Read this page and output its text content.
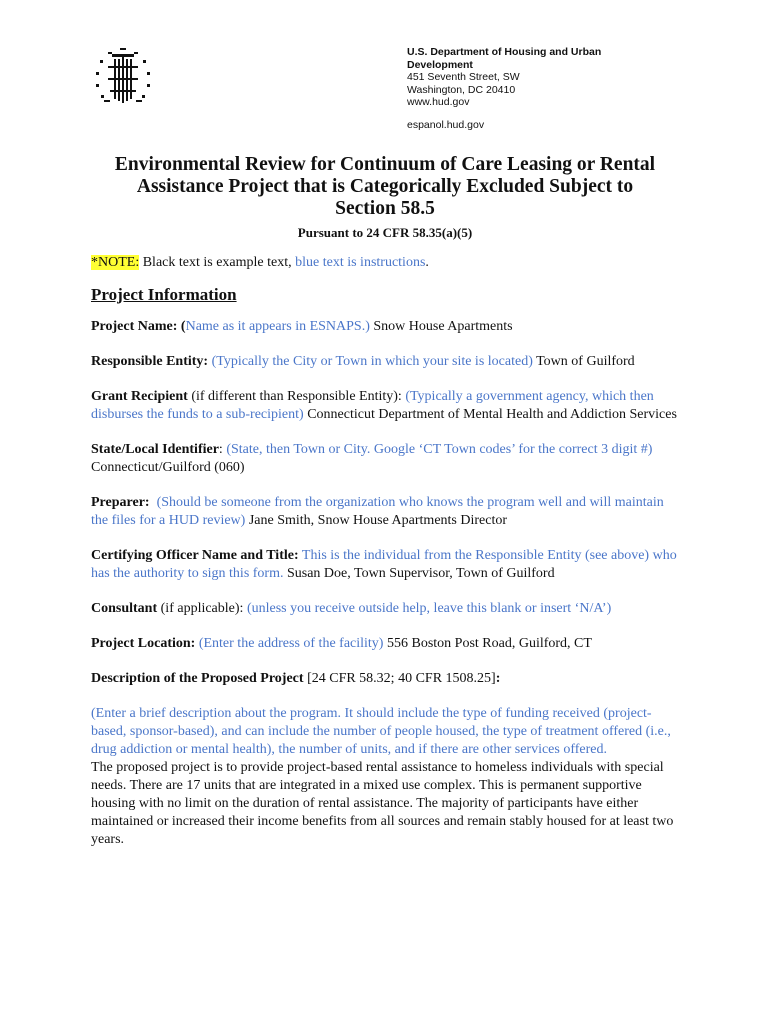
U.S. Department of Housing and Urban
Development
451 Seventh Street, SW
Washington, DC 20410
www.hud.gov
espanol.hud.gov
Environmental Review for Continuum of Care Leasing or Rental
Assistance Project that is Categorically Excluded Subject to
Section 58.5
Pursuant to 24 CFR 58.35(a)(5)

*NOTE: Black text is example text, blue text is instructions.

Project Information

Project Name: (Name as it appears in ESNAPS.) Snow House Apartments

Responsible Entity: (Typically the City or Town in which your site is located) Town of Guilford

Grant Recipient (if different than Responsible Entity): (Typically a government agency, which then disburses the funds to a sub-recipient) Connecticut Department of Mental Health and Addiction Services

State/Local Identifier: (State, then Town or City. Google ‘CT Town codes’ for the correct 3 digit #) Connecticut/Guilford (060)

Preparer:  (Should be someone from the organization who knows the program well and will maintain the files for a HUD review) Jane Smith, Snow House Apartments Director

Certifying Officer Name and Title: This is the individual from the Responsible Entity (see above) who has the authority to sign this form. Susan Doe, Town Supervisor, Town of Guilford

Consultant (if applicable): (unless you receive outside help, leave this blank or insert ‘N/A’)

Project Location: (Enter the address of the facility) 556 Boston Post Road, Guilford, CT

Description of the Proposed Project [24 CFR 58.32; 40 CFR 1508.25]:

(Enter a brief description about the program. It should include the type of funding received (project-based, sponsor-based), and can include the number of people housed, the type of treatment offered (i.e., drug addiction or mental health), the number of units, and if there are other services offered.

The proposed project is to provide project-based rental assistance to homeless individuals with special needs. There are 17 units that are integrated in a mixed use complex. This is permanent supportive housing with no limit on the duration of rental assistance. The majority of participants have either maintained or increased their income benefits from all sources and remain stably housed for at least two years.
